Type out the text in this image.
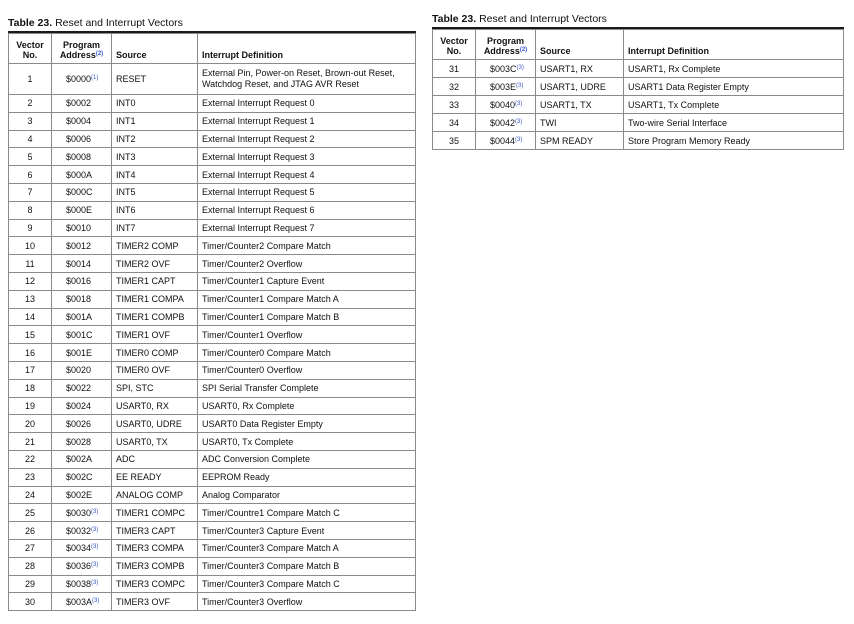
Table 23. Reset and Interrupt Vectors
Vector No.	Program Address$^{(2)}$	Source	Interrupt Definition
1	$0000$^{(1)}$	RESET	External Pin, Power-on Reset, Brown-out Reset, Watchdog Reset, and JTAG AVR Reset
2	$0002	INT0	External Interrupt Request 0
3	$0004	INT1	External Interrupt Request 1
4	$0006	INT2	External Interrupt Request 2
5	$0008	INT3	External Interrupt Request 3
6	$000A	INT4	External Interrupt Request 4
7	$000C	INT5	External Interrupt Request 5
8	$000E	INT6	External Interrupt Request 6
9	$0010	INT7	External Interrupt Request 7
10	$0012	TIMER2 COMP	Timer/Counter2 Compare Match
11	$0014	TIMER2 OVF	Timer/Counter2 Overflow
12	$0016	TIMER1 CAPT	Timer/Counter1 Capture Event
13	$0018	TIMER1 COMPA	Timer/Counter1 Compare Match A
14	$001A	TIMER1 COMPB	Timer/Counter1 Compare Match B
15	$001C	TIMER1 OVF	Timer/Counter1 Overflow
16	$001E	TIMER0 COMP	Timer/Counter0 Compare Match
17	$0020	TIMER0 OVF	Timer/Counter0 Overflow
18	$0022	SPI, STC	SPI Serial Transfer Complete
19	$0024	USART0, RX	USART0, Rx Complete
20	$0026	USART0, UDRE	USART0 Data Register Empty
21	$0028	USART0, TX	USART0, Tx Complete
22	$002A	ADC	ADC Conversion Complete
23	$002C	EE READY	EEPROM Ready
24	$002E	ANALOG COMP	Analog Comparator
25	$0030$^{(3)}$	TIMER1 COMPC	Timer/Countre1 Compare Match C
26	$0032$^{(3)}$	TIMER3 CAPT	Timer/Counter3 Capture Event
27	$0034$^{(3)}$	TIMER3 COMPA	Timer/Counter3 Compare Match A
28	$0036$^{(3)}$	TIMER3 COMPB	Timer/Counter3 Compare Match B
29	$0038$^{(3)}$	TIMER3 COMPC	Timer/Counter3 Compare Match C
30	$\$003A^{(3)}$	TIMER3 OVF	Timer/Counter3 Overflow
Table 23. Reset and Interrupt Vectors
Vector No.	Program Address$^{(2)}$	Source	Interrupt Definition
31	$\$003C^{(3)}$	USART1, RX	USART1, Rx Complete
32	$\$003E^{(3)}$	USART1, UDRE	USART1 Data Register Empty
33	$0040$^{(3)}$	USART1, TX	USART1, Tx Complete
34	$0042$^{(3)}$	TWI	Two-wire Serial Interface
35	$0044$^{(3)}$	SPM READY	Store Program Memory Ready
